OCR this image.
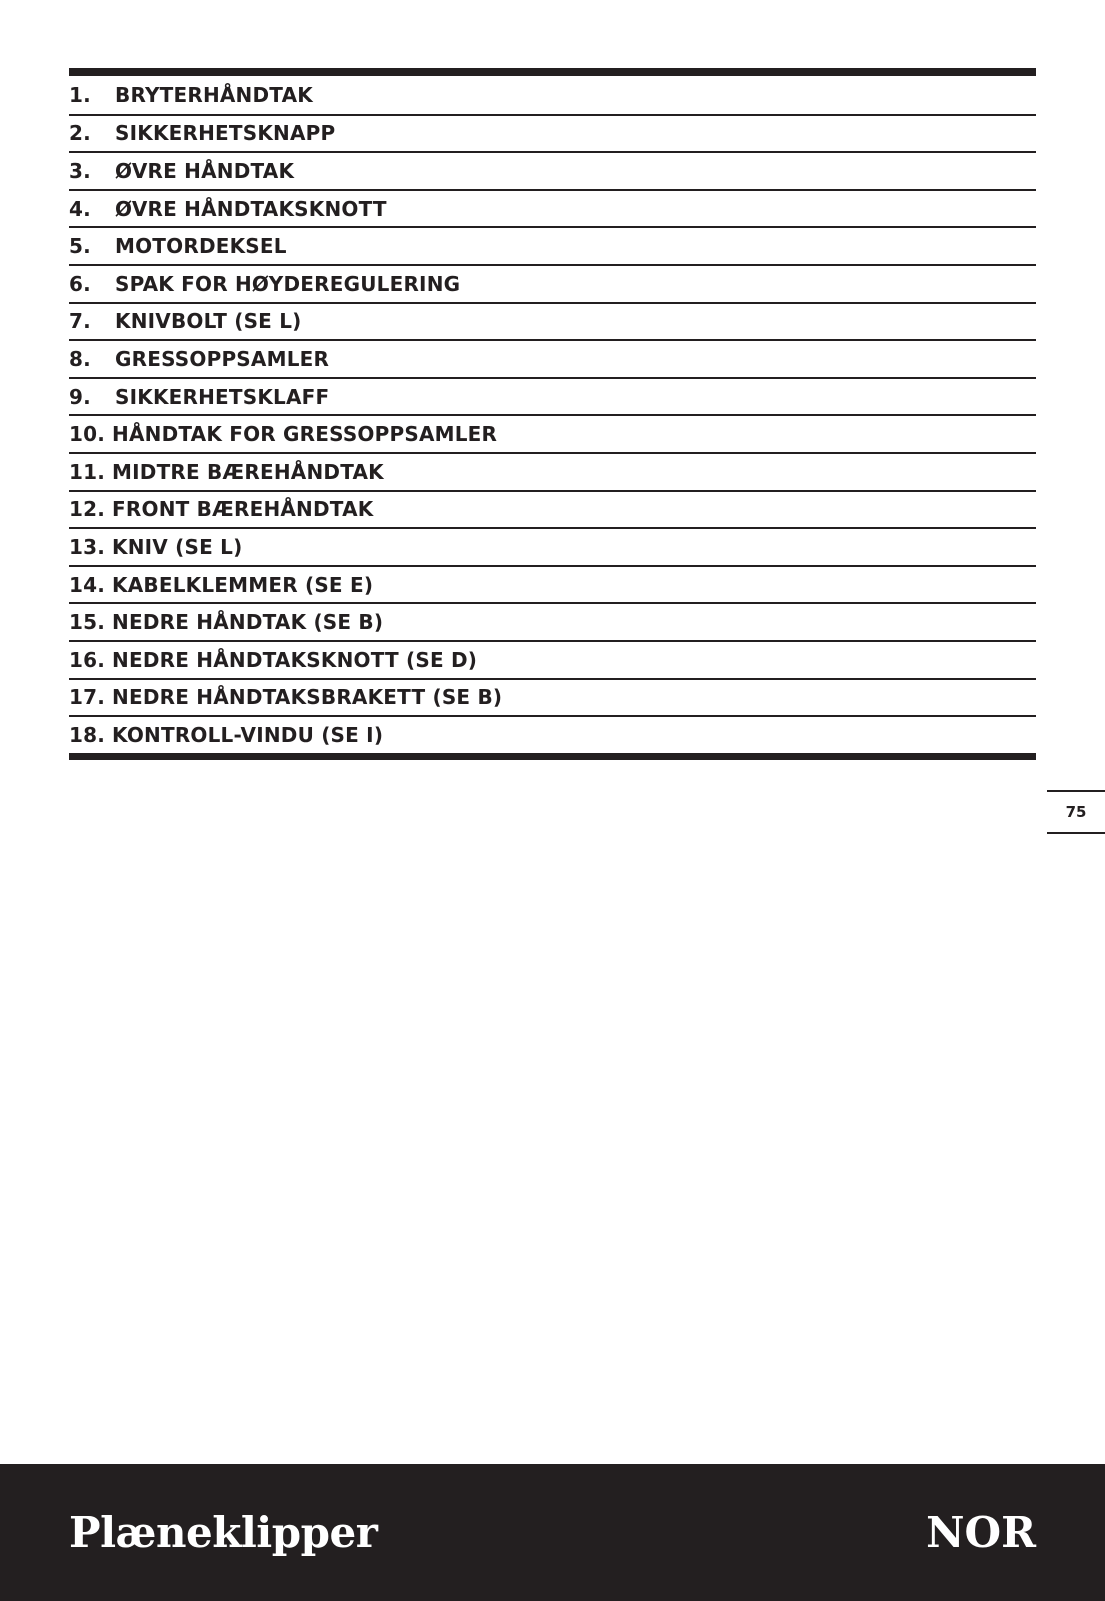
1.	BRYTERHÅNDTAK
2.	SIKKERHETSKNAPP
3.	ØVRE HÅNDTAK
4.	ØVRE HÅNDTAKSKNOTT
5.	MOTORDEKSEL
6.	SPAK FOR HØYDEREGULERING
7.	KNIVBOLT (SE L)
8.	GRESSOPPSAMLER
9.	SIKKERHETSKLAFF
10. HÅNDTAK FOR GRESSOPPSAMLER
11. MIDTRE BÆREHÅNDTAK
12. FRONT BÆREHÅNDTAK
13. KNIV (SE L)
14. KABELKLEMMER (SE E)
15. NEDRE HÅNDTAK (SE B)
16. NEDRE HÅNDTAKSKNOTT (SE D)
17. NEDRE HÅNDTAKSBRAKETT (SE B)
18. KONTROLL-VINDU (SE I)
75
Plæneklipper	NOR
